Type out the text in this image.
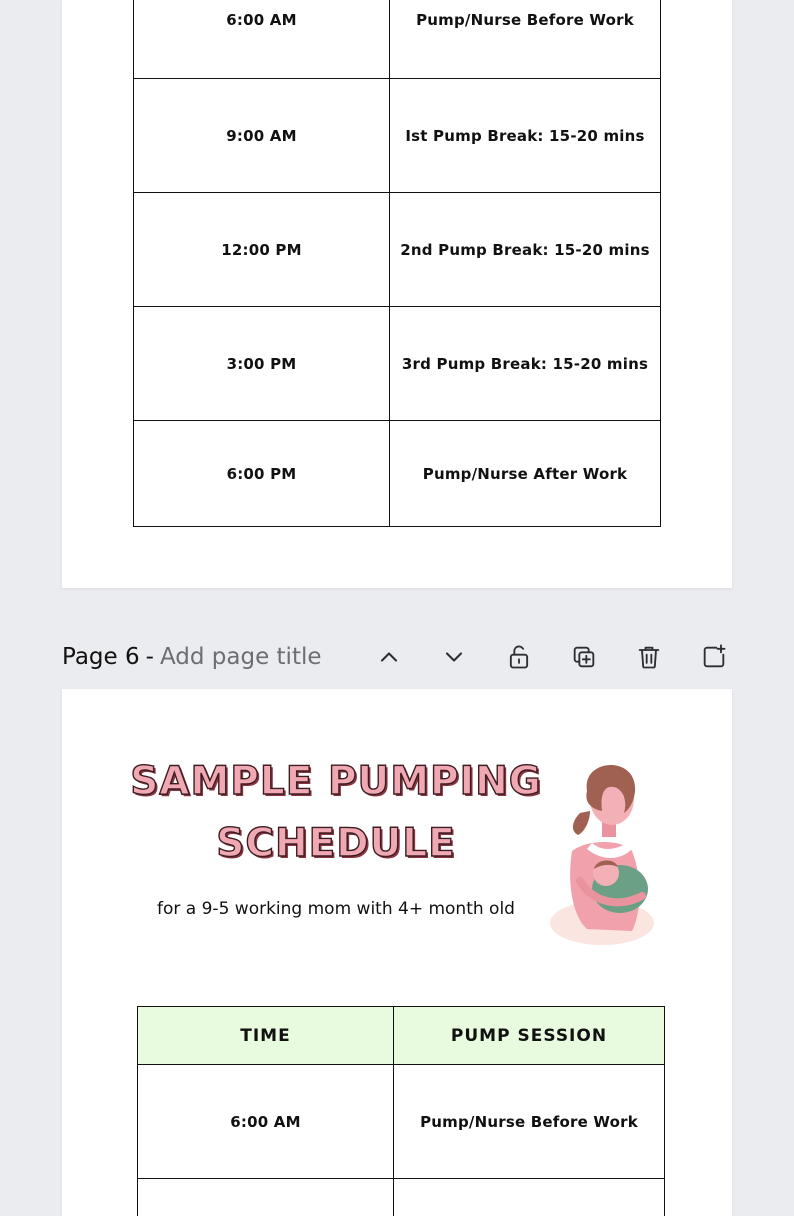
6:00 AM	Pump/Nurse Before Work
9:00 AM	Ist Pump Break: 15-20 mins
12:00 PM	2nd Pump Break: 15-20 mins
3:00 PM	3rd Pump Break: 15-20 mins
6:00 PM	Pump/Nurse After Work
Page 6 - Add page title
SAMPLE PUMPING
SCHEDULE
for a 9-5 working mom with 4+ month old
TIME	PUMP SESSION
6:00 AM	Pump/Nurse Before Work
